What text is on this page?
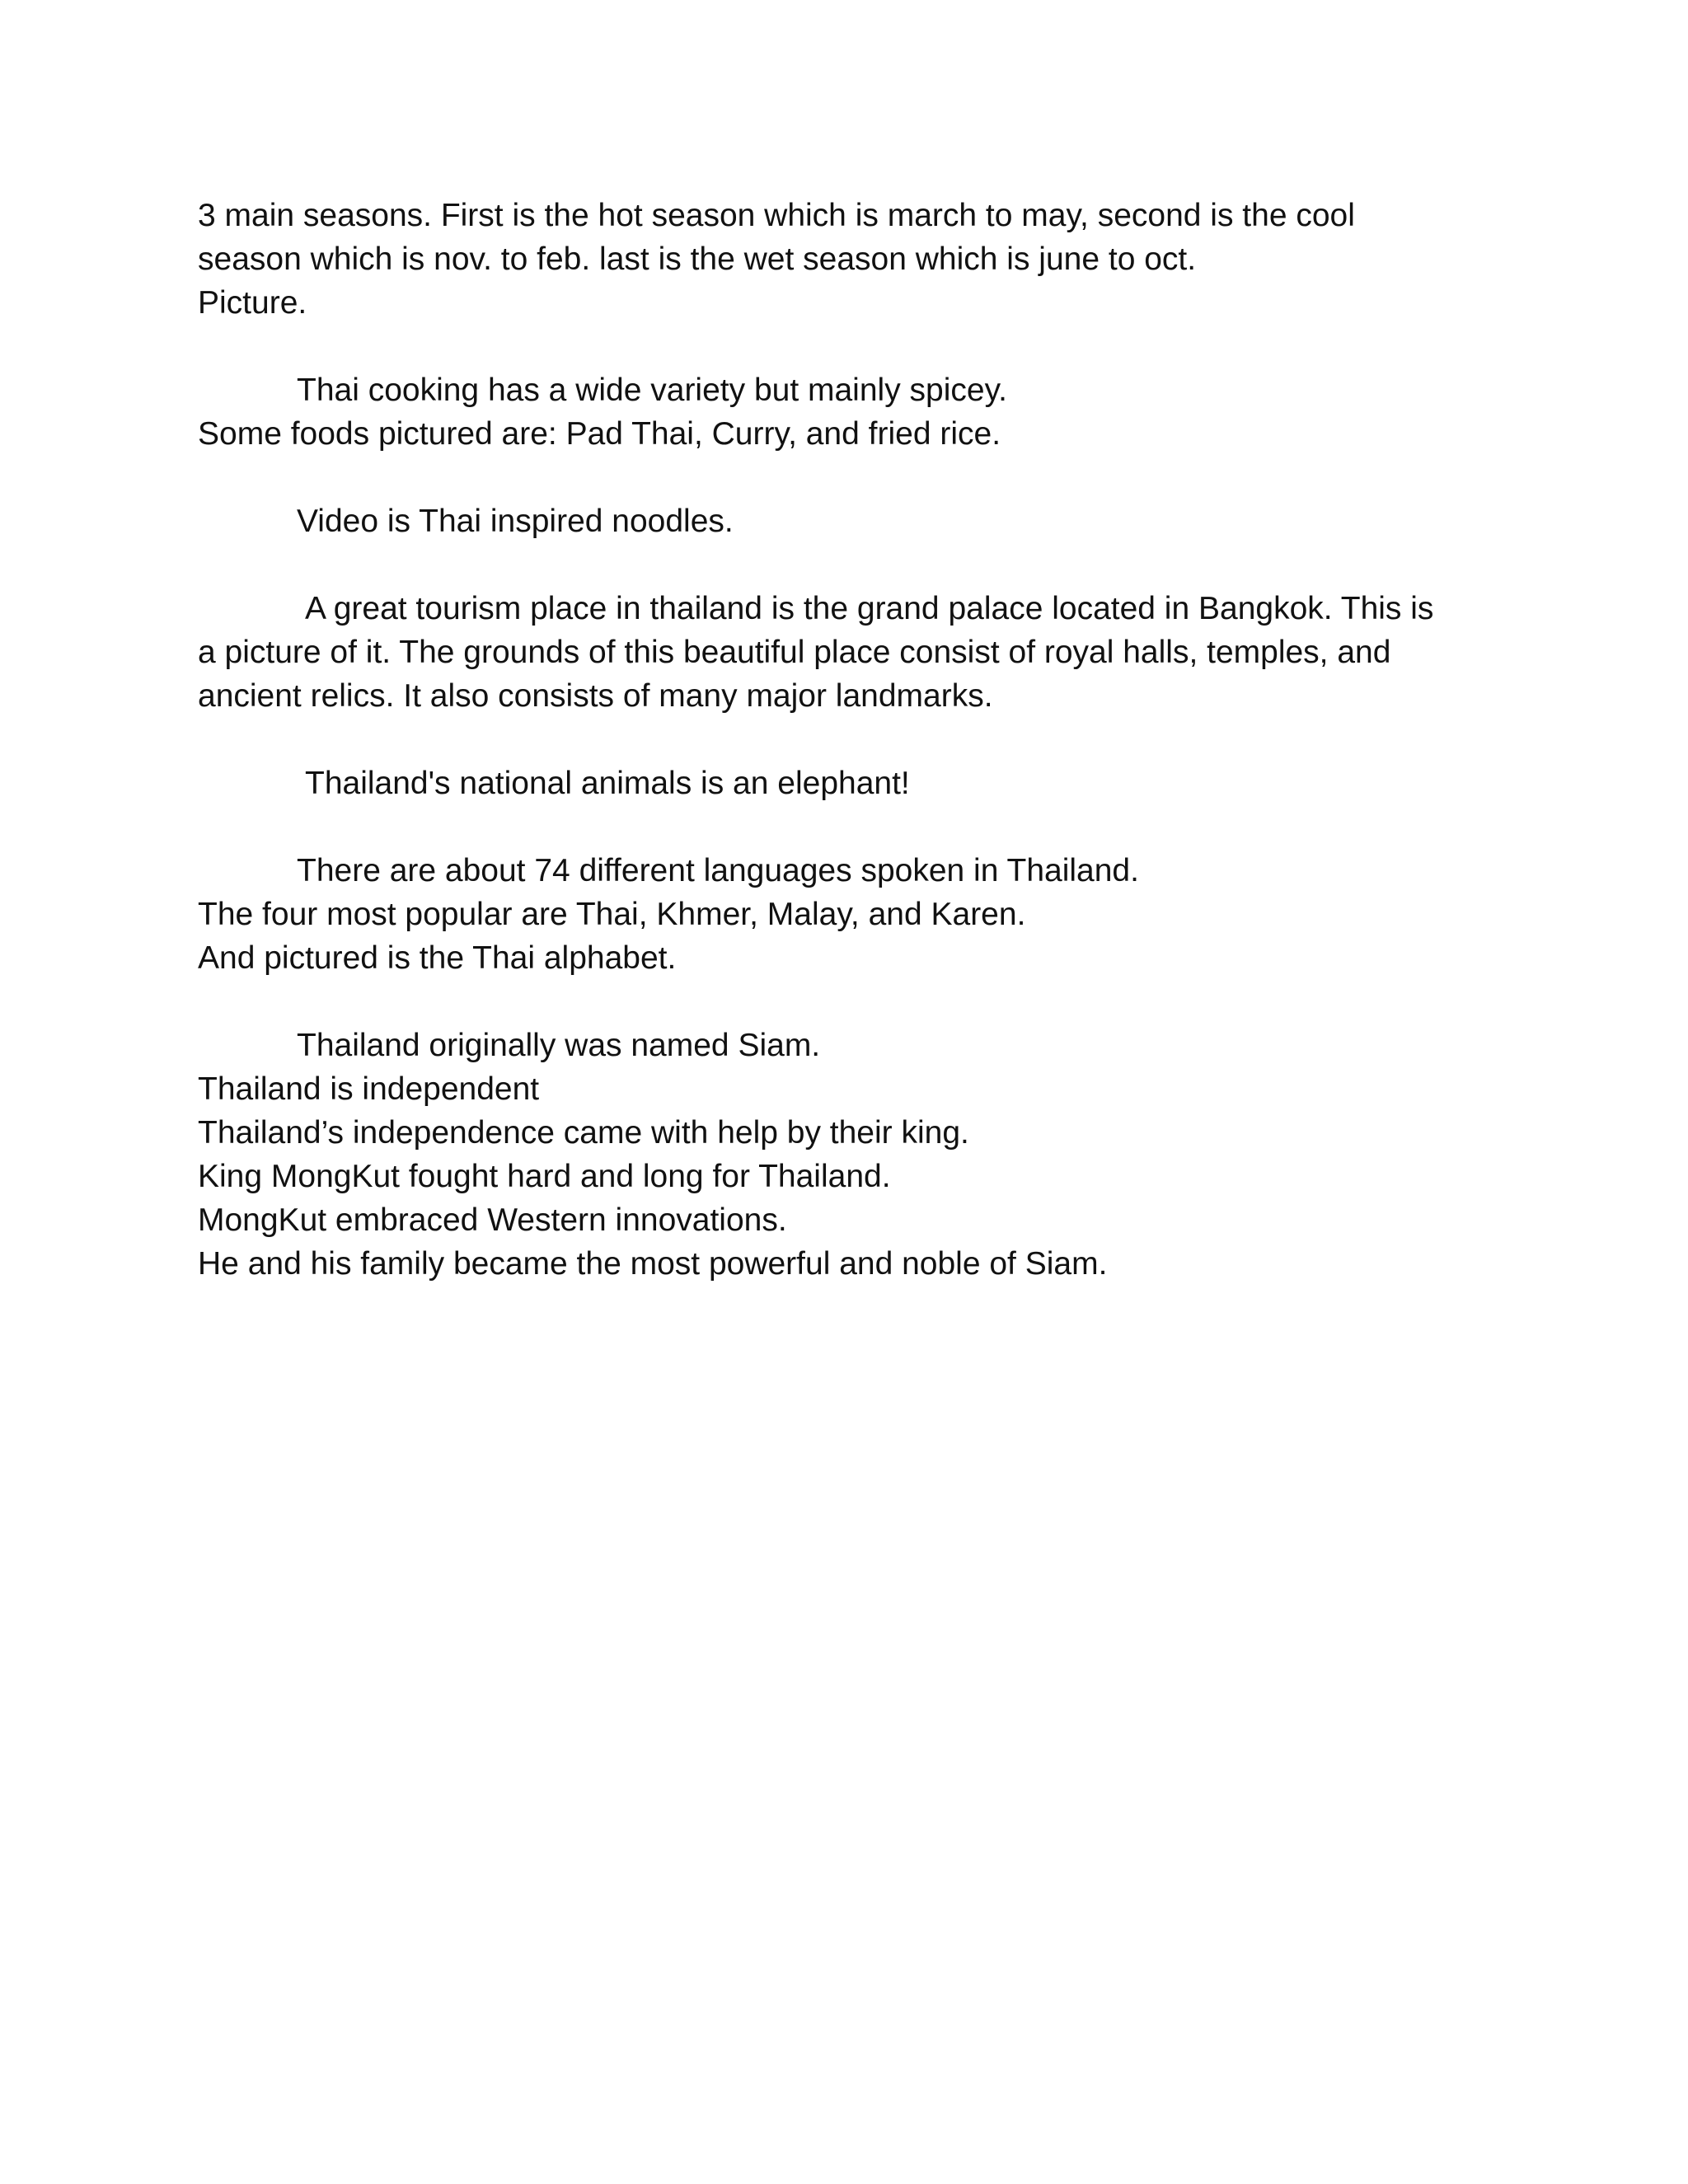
3 main seasons. First is the hot season which is march to may, second is the cool
season which is nov. to feb. last is the wet season which is june to oct.
Picture.
Thai cooking has a wide variety but mainly spicey.
Some foods pictured are: Pad Thai, Curry, and fried rice.
Video is Thai inspired noodles.
A great tourism place in thailand is the grand palace located in Bangkok. This is
a picture of it. The grounds of this beautiful place consist of royal halls, temples, and
ancient relics. It also consists of many major landmarks.
Thailand's national animals is an elephant!
There are about 74 different languages spoken in Thailand.
The four most popular are Thai, Khmer, Malay, and Karen.
And pictured is the Thai alphabet.
Thailand originally was named Siam.
Thailand is independent
Thailand’s independence came with help by their king.
King MongKut fought hard and long for Thailand.
MongKut embraced Western innovations.
He and his family became the most powerful and noble of Siam.
